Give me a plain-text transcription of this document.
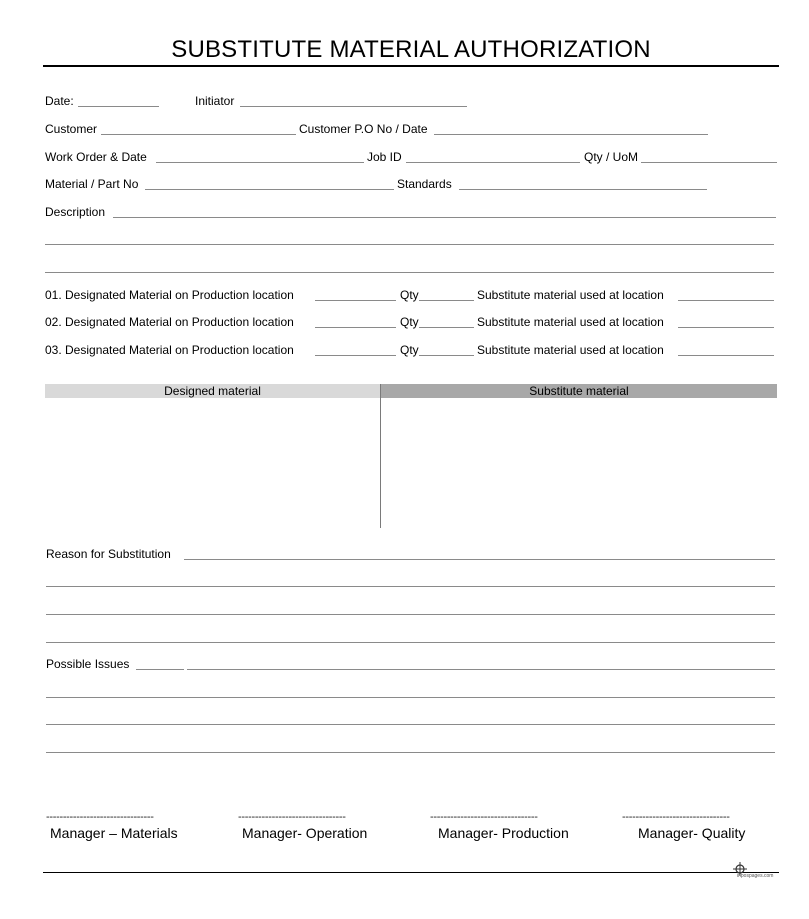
SUBSTITUTE MATERIAL AUTHORIZATION
Date:	Initiator
Customer	Customer P.O No / Date
Work Order & Date	Job ID	Qty / UoM
Material / Part No	Standards
Description
01. Designated Material on Production location	Qty	Substitute material used at location
02. Designated Material on Production location	Qty	Substitute material used at location
03. Designated Material on Production location	Qty	Substitute material used at location
Designed material	Substitute material
Reason for Substitution
Possible Issues
--------------------------------
Manager – Materials
--------------------------------
Manager- Operation
--------------------------------
Manager- Production
--------------------------------
Manager- Quality
inpospages.com
